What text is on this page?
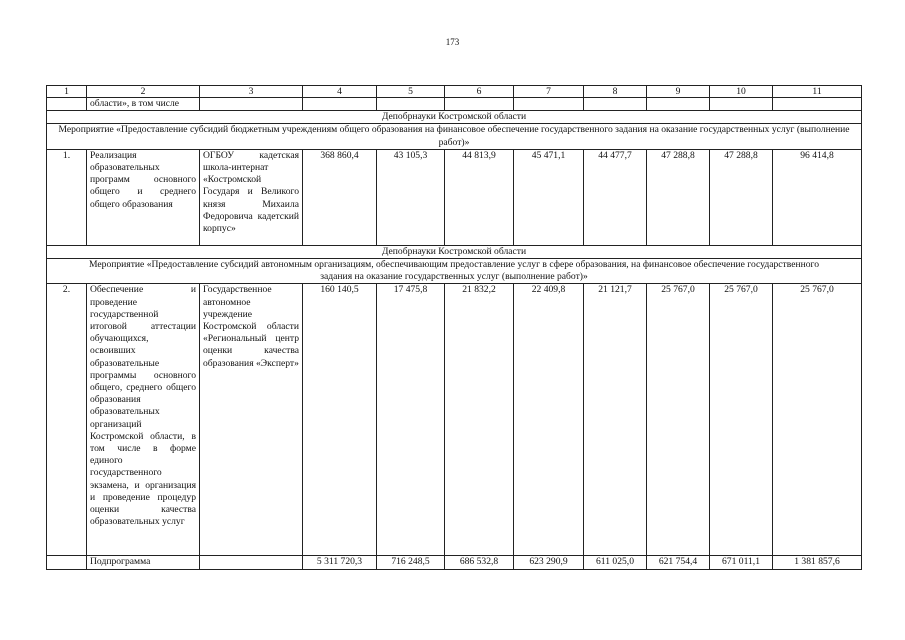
173
1	2	3	4	5	6	7	8	9	10	11
	области», в том числе									
Депобрнауки Костромской области										
Мероприятие «Предоставление субсидий бюджетным учреждениям общего образования на финансовое обеспечение государственного задания на оказание государственных услуг (выполнение работ)»										
1.	Реализация образовательных программ основного общего и среднего общего образования	ОГБОУ кадетская школа-интернат «Костромской Государя и Великого князя Михаила Федоровича кадетский корпус»	368 860,4	43 105,3	44 813,9	45 471,1	44 477,7	47 288,8	47 288,8	96 414,8
Депобрнауки Костромской области										
Мероприятие «Предоставление субсидий автономным организациям, обеспечивающим предоставление услуг в сфере образования, на финансовое обеспечение государственного задания на оказание государственных услуг (выполнение работ)»										
2.	Обеспечение и проведение государственной итоговой аттестации обучающихся, освоивших образовательные программы основного общего, среднего общего образования образовательных организаций Костромской области, в том числе в форме единого государственного экзамена, и организация и проведение процедур оценки качества образовательных услуг	Государственное автономное учреждение Костромской области «Региональный центр оценки качества образования «Эксперт»	160 140,5	17 475,8	21 832,2	22 409,8	21 121,7	25 767,0	25 767,0	25 767,0
	Подпрограмма		5 311 720,3	716 248,5	686 532,8	623 290,9	611 025,0	621 754,4	671 011,1	1 381 857,6
